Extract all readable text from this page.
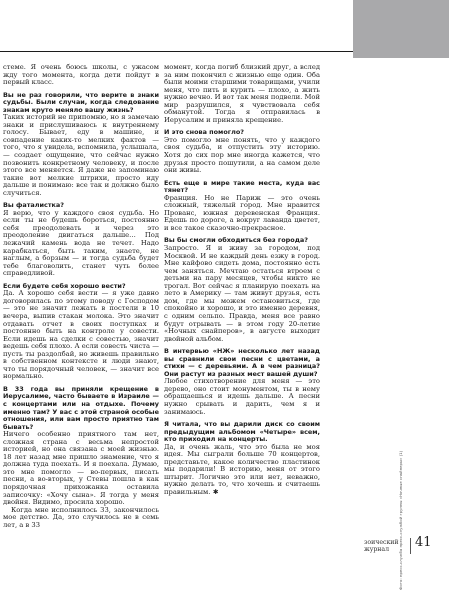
стеме. Я очень боюсь школы, с ужасом жду того момента, когда дети пойдут в первый класс.

Вы не раз говорили, что верите в знаки судьбы. Были случаи, когда следование знакам круто меняло вашу жизнь?

Таких историй не припомню, но я замечаю знаки и прислушиваюсь к внутреннему голосу. Бывает, еду в машине, и совпадение каких-то мелких фактов — того, что я увидела, вспомнила, услышала, — создает ощущение, что сейчас нужно позвонить конкретному человеку, и после этого все меняется. Я даже не запоминаю такие вот мелкие штрихи, просто иду дальше и понимаю: все так и должно было случиться.

Вы фаталистка?

Я верю, что у каждого своя судьба. Но если ты не будешь бороться, постоянно себя преодолевать и через это преодоление двигаться дальше… Под лежачий камень вода не течет. Надо карабкаться, быть таким, знаете, не наглым, а борзым — и тогда судьба будет тебе благоволить, станет чуть более справедливой.

Если будете себя хорошо вести?

Да. А хорошо себя вести — я уже давно договорилась по этому поводу с Господом — это не значит лежать в постели в 10 вечера, выпив стакан молока. Это значит отдавать отчет в своих поступках и постоянно быть на контроле у совести. Если идешь на сделки с совестью, значит ведешь себя плохо. А если совесть чиста — пусть ты раздолбай, но живешь правильно в собственном контексте и люди знают, что ты порядочный человек, — значит все нормально.

В 33 года вы приняли крещение в Иерусалиме, часто бываете в Израиле — с концертами или на отдыхе. Почему именно там? У вас с этой страной особые отношения, или вам просто приятно там бывать?

Ничего особенно приятного там нет, сложная страна с весьма непростой историей, но она связана с моей жизнью. 18 лет назад мне пришло знамение, что я должна туда поехать. И я поехала. Думаю, это мне помогло — во-первых, писать песни, а во-вторых, у Стевы пошла в как порядочная прихожанка оставила записочку: «Хочу сына». Я тогда у меня двойня. Видимо, просила хорошо.

Когда мне исполнилось 33, закончилось мое детство. Да, это случилось не в семь лет, а в 33

момент, когда погиб близкий друг, а вслед за ним покончил с жизнью еще один. Оба были моими старшими товарищами, учили меня, что пить и курить — плохо, а жить нужно вечно. И вот так меня подвели. Мой мир разрушился, я чувствовала себя обманутой. Тогда я отправилась в Иерусалим и приняла крещение.

И это снова помогло?

Это помогло мне понять, что у каждого своя судьба, и отпустить эту историю. Хотя до сих пор мне иногда кажется, что друзья просто пошутили, а на самом деле они живы.

Есть еще в мире такие места, куда вас тянет?

Франция. Но не Париж — это очень сложный, тяжелый город. Мне нравится Прованс, южная деревенская Франция. Едешь по дороге, а вокруг лаванда цветет, и все такое сказочно-прекрасное.

Вы бы смогли обходиться без города?

Запросто. Я и живу за городом, под Москвой. И не каждый день езжу в город. Мне кайфово сидеть дома, постоянно есть чем заняться. Мечтаю остаться втроем с детьми на пару месяцев, чтобы никто не трогал. Вот сейчас я планирую поехать на лето в Америку — там живут друзья, есть дом, где мы можем остановиться, где спокойно и хорошо, и это именно деревня, с одним сельпо. Правда, меня все равно будут отрывать — в этом году 20-летие «Ночных снайперов», в августе выходит двойной альбом.

В интервью «НЖ» несколько лет назад вы сравнили свои песни с цветами, а стихи — с деревьями. А в чем разница? Они растут из разных мест вашей души?

Любое стихотворение для меня — это дерево, оно стоит монументом, ты в нему обращаешься и идешь дальше. А песни нужно срывать и дарить, чем я и занимаюсь.

Я читала, что вы дарили диск со своим предыдущим альбомом «Четыре» всем, кто приходил на концерты.

Да, и очень жаль, что это была не моя идея. Мы сыграли больше 70 концертов, представьте, какое количество пластинок мы подарили! В историю, меня от этого штырит. Логично это или нет, неважно, нужно делать то, что хочешь и считаешь правильным. ✱	Фото: пресс-служба пресс-службой группы «Ночные снайперы» (1)
зоический
журнал	41
